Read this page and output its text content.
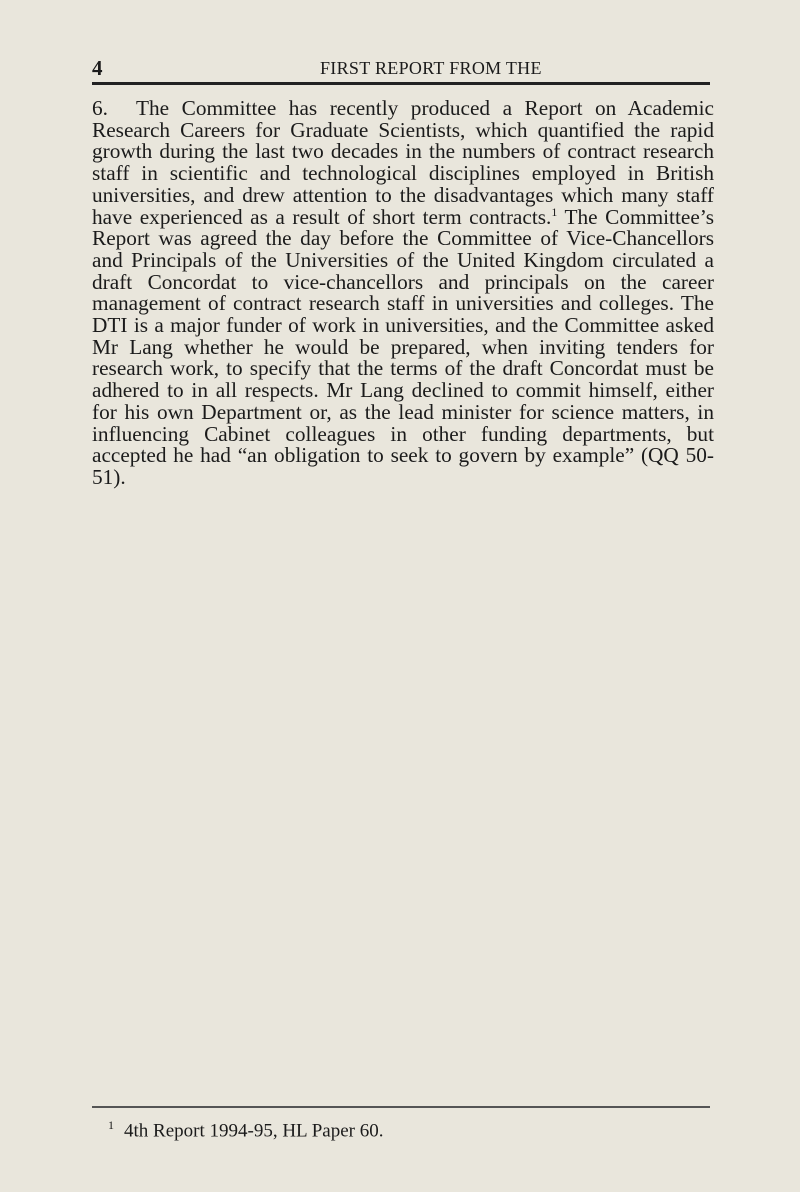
4	FIRST REPORT FROM THE

6. The Committee has recently produced a Report on Academic Research Careers for Graduate Scientists, which quantified the rapid growth during the last two decades in the numbers of contract research staff in scientific and technological disciplines employed in British universities, and drew attention to the disadvantages which many staff have experienced as a result of short term contracts.$^1$ The Committee’s Report was agreed the day before the Committee of Vice-Chancellors and Principals of the Universities of the United Kingdom circulated a draft Concordat to vice-chancellors and principals on the career management of contract research staff in universities and colleges. The DTI is a major funder of work in universities, and the Committee asked Mr Lang whether he would be prepared, when inviting tenders for research work, to specify that the terms of the draft Concordat must be adhered to in all respects. Mr Lang declined to commit himself, either for his own Department or, as the lead minister for science matters, in influencing Cabinet colleagues in other funding departments, but accepted he had “an obligation to seek to govern by example” (QQ 50-51).

$^1$ 4th Report 1994-95, HL Paper 60.
